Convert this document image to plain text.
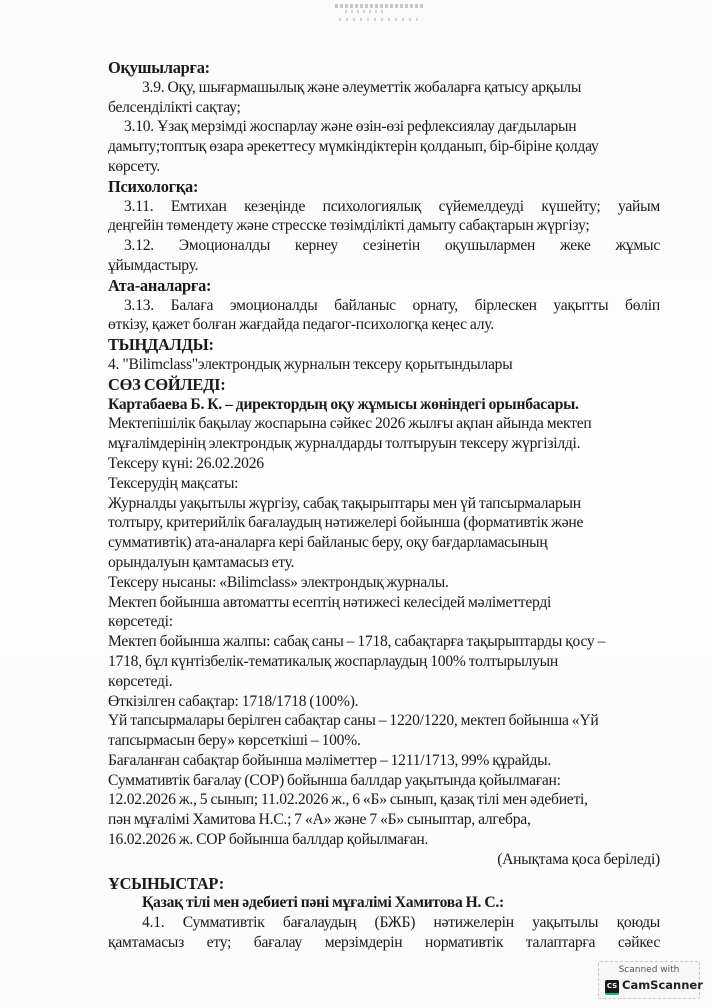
Оқушыларға:
3.9. Оқу, шығармашылық және әлеуметтік жобаларға қатысу арқылы
белсенділікті сақтау;
3.10. Ұзақ мерзімді жоспарлау және өзін-өзі рефлексиялау дағдыларын
дамыту;топтық өзара әрекеттесу мүмкіндіктерін қолданып, бір-біріне қолдау
көрсету.
Психологқа:
3.11. Емтихан кезеңінде психологиялық сүйемелдеуді күшейту; уайым
деңгейін төмендету және стресске төзімділікті дамыту сабақтарын жүргізу;
3.12. Эмоционалды кернеу сезінетін оқушылармен жеке жұмыс
ұйымдастыру.
Ата-аналарға:
3.13. Балаға эмоционалды байланыс орнату, бірлескен уақытты бөліп
өткізу, қажет болған жағдайда педагог-психологқа кеңес алу.
ТЫҢДАЛДЫ:
4. "Bilimclass"электрондық журналын тексеру қорытындылары
СӨЗ СӨЙЛЕДІ:
Картабаева Б. К. – директордың оқу жұмысы жөніндегі орынбасары.
Мектепішілік бақылау жоспарына сәйкес 2026 жылғы ақпан айында мектеп
мұғалімдерінің электрондық журналдарды толтыруын тексеру жүргізілді.
Тексеру күні: 26.02.2026
Тексерудің мақсаты:
Журналды уақытылы жүргізу, сабақ тақырыптары мен үй тапсырмаларын
толтыру, критерийлік бағалаудың нәтижелері бойынша (формативтік және
суммативтік) ата-аналарға кері байланыс беру, оқу бағдарламасының
орындалуын қамтамасыз ету.
Тексеру нысаны: «Bilimclass» электрондық журналы.
Мектеп бойынша автоматты есептің нәтижесі келесідей мәліметтерді
көрсетеді:
Мектеп бойынша жалпы: сабақ саны – 1718, сабақтарға тақырыптарды қосу –
1718, бұл күнтізбелік-тематикалық жоспарлаудың 100% толтырылуын
көрсетеді.
Өткізілген сабақтар: 1718/1718 (100%).
Үй тапсырмалары берілген сабақтар саны – 1220/1220, мектеп бойынша «Үй
тапсырмасын беру» көрсеткіші – 100%.
Бағаланған сабақтар бойынша мәліметтер – 1211/1713, 99% құрайды.
Суммативтік бағалау (СОР) бойынша баллдар уақытында қойылмаған:
12.02.2026 ж., 5 сынып; 11.02.2026 ж., 6 «Б» сынып, қазақ тілі мен әдебиеті,
пән мұғалімі Хамитова Н.С.; 7 «А» және 7 «Б» сыныптар, алгебра,
16.02.2026 ж. СОР бойынша баллдар қойылмаған.
(Анықтама қоса беріледі)
ҰСЫНЫСТАР:
Қазақ тілі мен әдебиеті пәні мұғалімі Хамитова Н. С.:
4.1. Суммативтік бағалаудың (БЖБ) нәтижелерін уақытылы қоюды
қамтамасыз ету; бағалау мерзімдерін нормативтік талаптарға сәйкес
Scanned with
CS CamScanner
